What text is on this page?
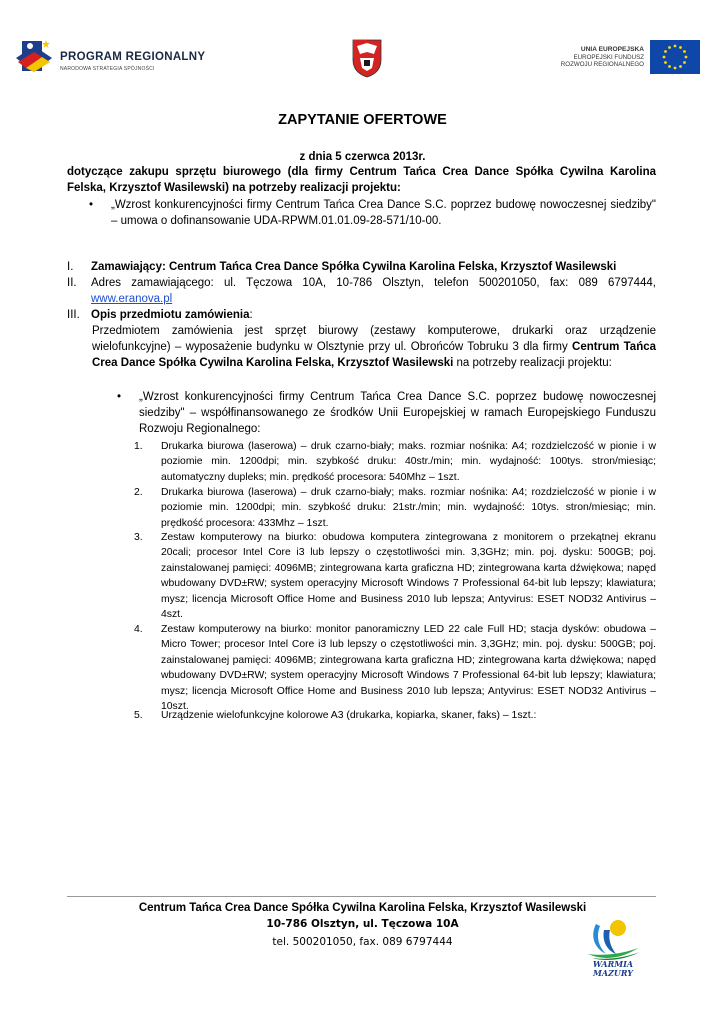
PROGRAM REGIONALNY
NARODOWA STRATEGIA SPÓJNOŚCI
UNIA EUROPEJSKA
EUROPEJSKI FUNDUSZ
ROZWOJU REGIONALNEGO
ZAPYTANIE OFERTOWE
z dnia 5 czerwca 2013r.
dotyczące zakupu sprzętu biurowego (dla firmy Centrum Tańca Crea Dance Spółka Cywilna Karolina Felska, Krzysztof Wasilewski) na potrzeby realizacji projektu:
• „Wzrost konkurencyjności firmy Centrum Tańca Crea Dance S.C. poprzez budowę nowoczesnej siedziby" – umowa o dofinansowanie UDA-RPWM.01.01.09-28-571/10-00.
I. Zamawiający: Centrum Tańca Crea Dance Spółka Cywilna Karolina Felska, Krzysztof Wasilewski
II. Adres zamawiającego: ul. Tęczowa 10A, 10-786 Olsztyn, telefon 500201050, fax: 089 6797444,
www.eranova.pl
III. Opis przedmiotu zamówienia:
Przedmiotem zamówienia jest sprzęt biurowy (zestawy komputerowe, drukarki oraz urządzenie wielofunkcyjne) – wyposażenie budynku w Olsztynie przy ul. Obrońców Tobruku 3 dla firmy Centrum Tańca Crea Dance Spółka Cywilna Karolina Felska, Krzysztof Wasilewski na potrzeby realizacji projektu:
• „Wzrost konkurencyjności firmy Centrum Tańca Crea Dance S.C. poprzez budowę nowoczesnej siedziby" – współfinansowanego ze środków Unii Europejskiej w ramach Europejskiego Funduszu Rozwoju Regionalnego:
1. Drukarka biurowa (laserowa) – druk czarno-biały; maks. rozmiar nośnika: A4; rozdzielczość w pionie i w poziomie min. 1200dpi; min. szybkość druku: 40str./min; min. wydajność: 100tys. stron/miesiąc; automatyczny dupleks; min. prędkość procesora: 540Mhz – 1szt.
2. Drukarka biurowa (laserowa) – druk czarno-biały; maks. rozmiar nośnika: A4; rozdzielczość w pionie i w poziomie min. 1200dpi; min. szybkość druku: 21str./min; min. wydajność: 10tys. stron/miesiąc; min. prędkość procesora: 433Mhz – 1szt.
3. Zestaw komputerowy na biurko: obudowa komputera zintegrowana z monitorem o przekątnej ekranu 20cali; procesor Intel Core i3 lub lepszy o częstotliwości min. 3,3GHz; min. poj. dysku: 500GB; poj. zainstalowanej pamięci: 4096MB; zintegrowana karta graficzna HD; zintegrowana karta dźwiękowa; napęd wbudowany DVD±RW; system operacyjny Microsoft Windows 7 Professional 64-bit lub lepszy; klawiatura; mysz; licencja Microsoft Office Home and Business 2010 lub lepsza; Antyvirus: ESET NOD32 Antivirus – 4szt.
4. Zestaw komputerowy na biurko: monitor panoramiczny LED 22 cale Full HD; stacja dysków: obudowa – Micro Tower; procesor Intel Core i3 lub lepszy o częstotliwości min. 3,3GHz; min. poj. dysku: 500GB; poj. zainstalowanej pamięci: 4096MB; zintegrowana karta graficzna HD; zintegrowana karta dźwiękowa; napęd wbudowany DVD±RW; system operacyjny Microsoft Windows 7 Professional 64-bit lub lepszy; klawiatura; mysz; licencja Microsoft Office Home and Business 2010 lub lepsza; Antyvirus: ESET NOD32 Antivirus – 10szt.
5. Urządzenie wielofunkcyjne kolorowe A3 (drukarka, kopiarka, skaner, faks) – 1szt.:
Centrum Tańca Crea Dance Spółka Cywilna Karolina Felska, Krzysztof Wasilewski
10-786 Olsztyn, ul. Tęczowa 10A
tel. 500201050, fax. 089 6797444
WARMIA
MAZURY
